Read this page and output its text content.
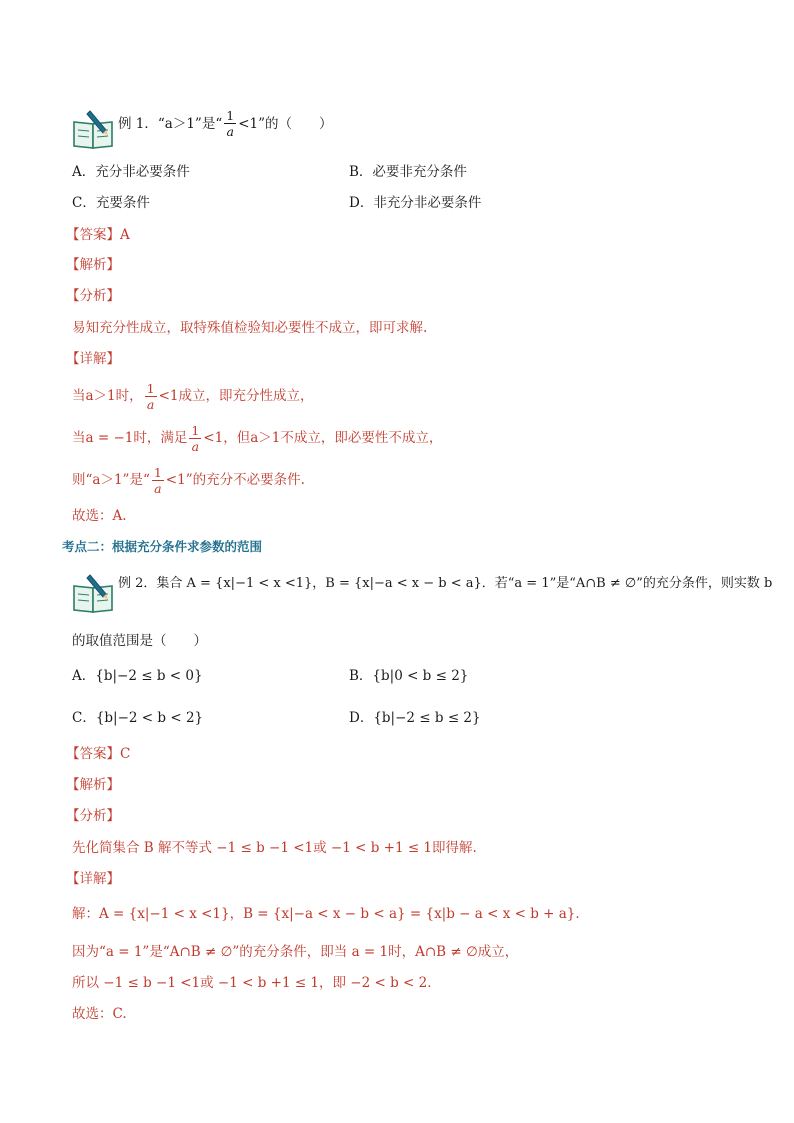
例 1．“a＞1”是“ $\frac{1}{a} <1$”的（　　）
A．充分非必要条件	B．必要非充分条件
C．充要条件	D．非充分非必要条件
【答案】A
【解析】
【分析】
易知充分性成立，取特殊值检验知必要性不成立，即可求解.
【详解】
当a＞1时， $\frac{1}{a} <1$成立，即充分性成立，
当a = −1时，满足 $\frac{1}{a} <1$，但a＞1不成立，即必要性不成立，
则“a＞1”是“ $\frac{1}{a} <1$”的充分不必要条件.
故选：A.
考点二：根据充分条件求参数的范围
例 2．集合 A = {x|−1 < x <1}，B = {x|−a < x − b < a}．若“a = 1”是“A∩B ≠ ∅”的充分条件，则实数 b
的取值范围是（　　）
A．{b|−2 ≤ b < 0}	B．{b|0 < b ≤ 2}
C．{b|−2 < b < 2}	D．{b|−2 ≤ b ≤ 2}
【答案】C
【解析】
【分析】
先化简集合 B 解不等式 −1 ≤ b −1 <1或 −1 < b +1 ≤ 1即得解.
【详解】
解：A = {x|−1 < x <1}，B = {x|−a < x − b < a} = {x|b − a < x < b + a}．
因为“a = 1”是“A∩B ≠ ∅”的充分条件，即当 a = 1时，A∩B ≠ ∅成立，
所以 −1 ≤ b −1 <1或 −1 < b +1 ≤ 1，即 −2 < b < 2．
故选：C.
